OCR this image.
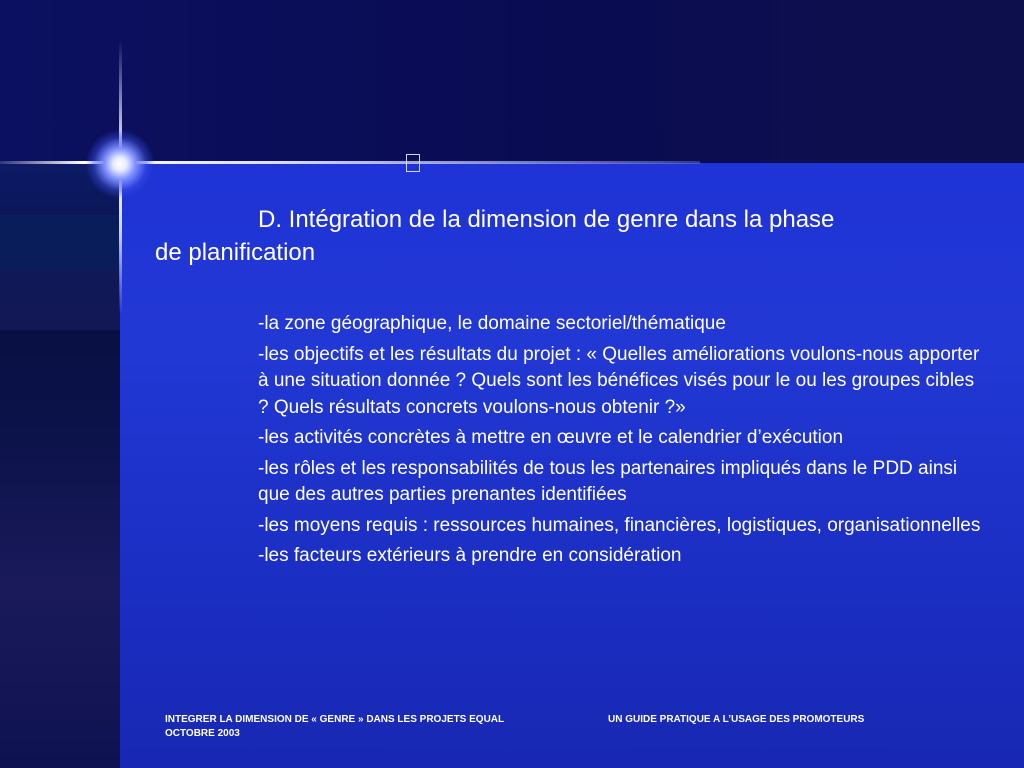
D. Intégration de la dimension de genre dans la phase
de planification
-la zone géographique, le domaine sectoriel/thématique
-les objectifs et les résultats du projet : « Quelles améliorations voulons-nous apporter à une situation donnée ? Quels sont les bénéfices visés pour le ou les groupes cibles ? Quels résultats concrets voulons-nous obtenir ?»
-les activités concrètes à mettre en œuvre et le calendrier d’exécution
-les rôles et les responsabilités de tous les partenaires impliqués dans le PDD ainsi que des autres parties prenantes identifiées
-les moyens requis : ressources humaines, financières, logistiques, organisationnelles
-les facteurs extérieurs à prendre en considération
INTEGRER LA DIMENSION DE « GENRE » DANS LES PROJETS EQUAL
OCTOBRE 2003
UN GUIDE PRATIQUE A L’USAGE DES PROMOTEURS
